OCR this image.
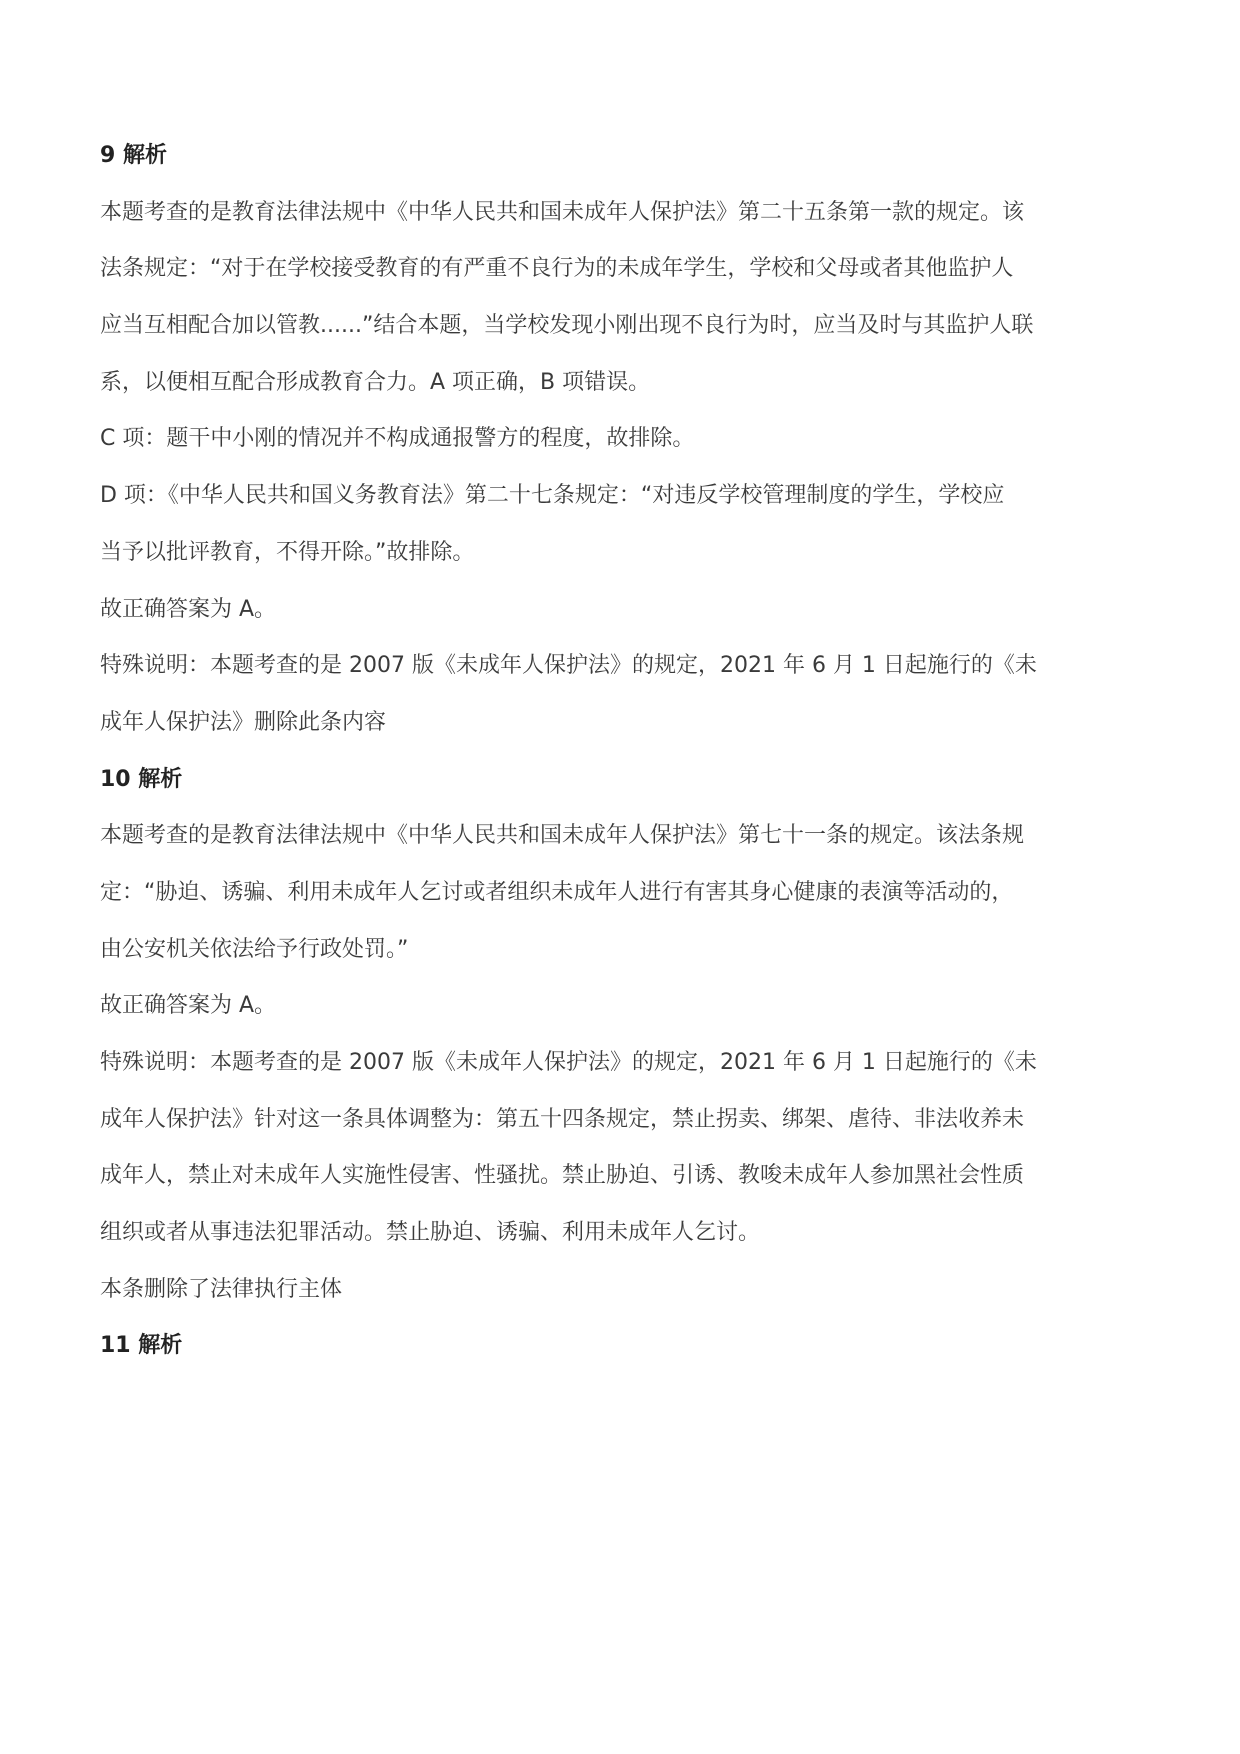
9 解析
本题考查的是教育法律法规中《中华人民共和国未成年人保护法》第二十五条第一款的规定。该
法条规定：“对于在学校接受教育的有严重不良行为的未成年学生，学校和父母或者其他监护人
应当互相配合加以管教......”结合本题，当学校发现小刚出现不良行为时，应当及时与其监护人联
系，以便相互配合形成教育合力。A 项正确，B 项错误。
C 项：题干中小刚的情况并不构成通报警方的程度，故排除。
D 项：《中华人民共和国义务教育法》第二十七条规定：“对违反学校管理制度的学生，学校应
当予以批评教育，不得开除。”故排除。
故正确答案为 A。
特殊说明：本题考查的是 2007 版《未成年人保护法》的规定，2021 年 6 月 1 日起施行的《未
成年人保护法》删除此条内容
10 解析
本题考查的是教育法律法规中《中华人民共和国未成年人保护法》第七十一条的规定。该法条规
定：“胁迫、诱骗、利用未成年人乞讨或者组织未成年人进行有害其身心健康的表演等活动的，
由公安机关依法给予行政处罚。”
故正确答案为 A。
特殊说明：本题考查的是 2007 版《未成年人保护法》的规定，2021 年 6 月 1 日起施行的《未
成年人保护法》针对这一条具体调整为：第五十四条规定，禁止拐卖、绑架、虐待、非法收养未
成年人，禁止对未成年人实施性侵害、性骚扰。禁止胁迫、引诱、教唆未成年人参加黑社会性质
组织或者从事违法犯罪活动。禁止胁迫、诱骗、利用未成年人乞讨。
本条删除了法律执行主体
11 解析
